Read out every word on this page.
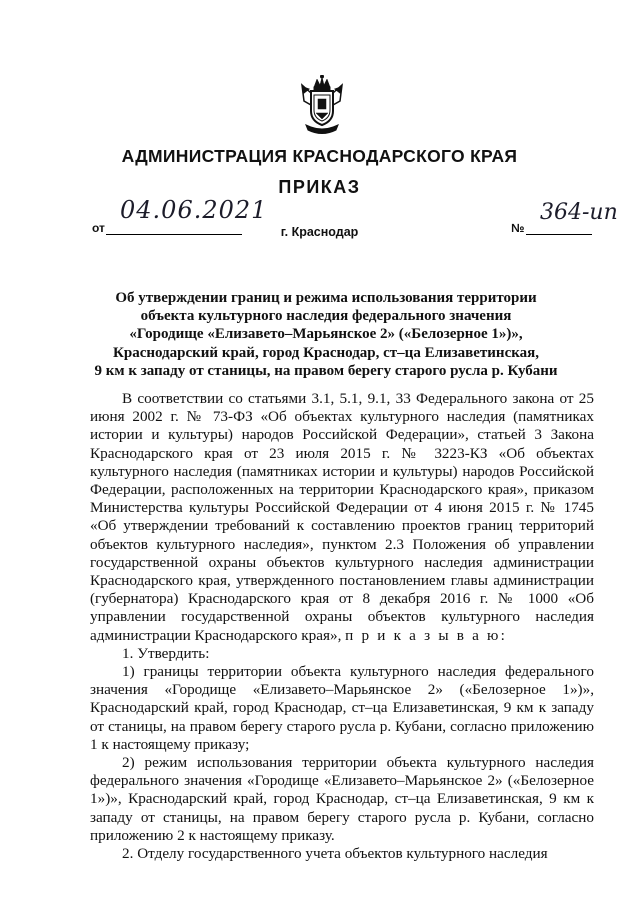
АДМИНИСТРАЦИЯ КРАСНОДАРСКОГО КРАЯ
ПРИКАЗ
от
04.06.2021
№
364-ип
г. Краснодар
Об утверждении границ и режима использования территории
объекта культурного наследия федерального значения
«Городище «Елизавето–Марьянское 2» («Белозерное 1»)»,
Краснодарский край, город Краснодар, ст–ца Елизаветинская,
9 км к западу от станицы, на правом берегу старого русла р. Кубани

В соответствии со статьями 3.1, 5.1, 9.1, 33 Федерального закона от 25 июня 2002 г. № 73-ФЗ «Об объектах культурного наследия (памятниках истории и культуры) народов Российской Федерации», статьей 3 Закона Краснодарского края от 23 июля 2015 г. № 3223-КЗ «Об объектах культурного наследия (памятниках истории и культуры) народов Российской Федерации, расположенных на территории Краснодарского края», приказом Министерства культуры Российской Федерации от 4 июня 2015 г. № 1745 «Об утверждении требований к составлению проектов границ территорий объектов культурного наследия», пунктом 2.3 Положения об управлении государственной охраны объектов культурного наследия администрации Краснодарского края, утвержденного постановлением главы администрации (губернатора) Краснодарского края от 8 декабря 2016 г. № 1000 «Об управлении государственной охраны объектов культурного наследия администрации Краснодарского края», п р и к а з ы в а ю:

1. Утвердить:

1) границы территории объекта культурного наследия федерального значения «Городище «Елизавето–Марьянское 2» («Белозерное 1»)», Краснодарский край, город Краснодар, ст–ца Елизаветинская, 9 км к западу от станицы, на правом берегу старого русла р. Кубани, согласно приложению 1 к настоящему приказу;

2) режим использования территории объекта культурного наследия федерального значения «Городище «Елизавето–Марьянское 2» («Белозерное 1»)», Краснодарский край, город Краснодар, ст–ца Елизаветинская, 9 км к западу от станицы, на правом берегу старого русла р. Кубани, согласно приложению 2 к настоящему приказу.

2. Отделу государственного учета объектов культурного наследия
